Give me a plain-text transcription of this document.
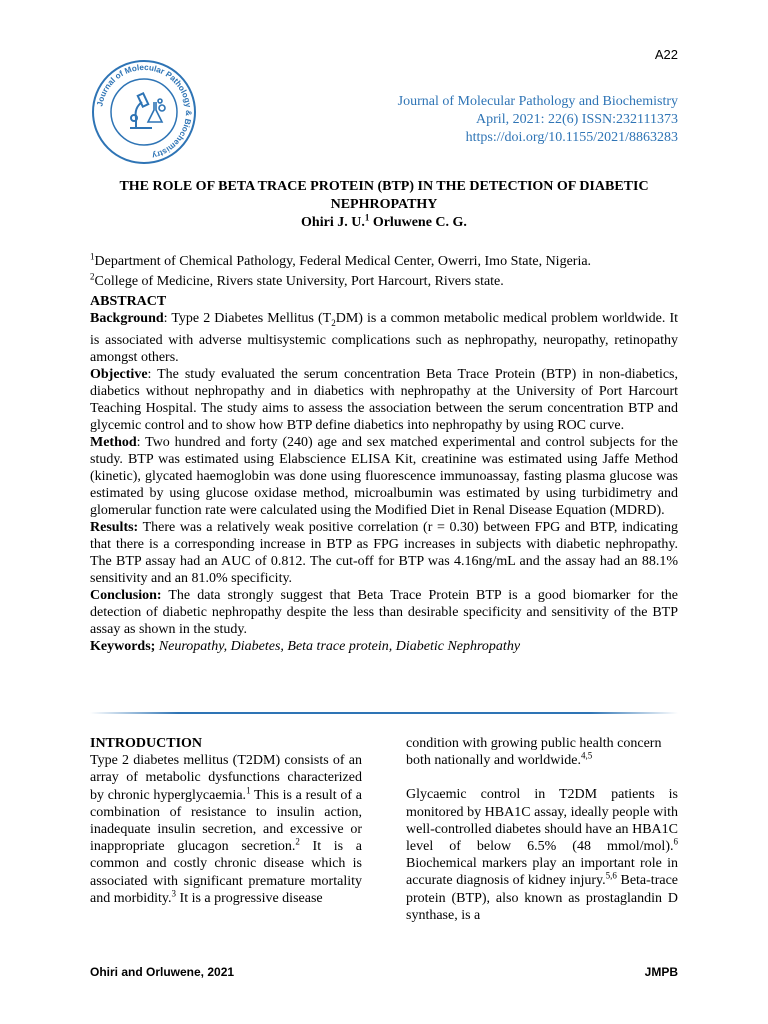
A22
Journal of Molecular Pathology & Biochemistry
Journal of Molecular Pathology and Biochemistry
April, 2021: 22(6) ISSN:232111373
https://doi.org/10.1155/2021/8863283
THE ROLE OF BETA TRACE PROTEIN (BTP) IN THE DETECTION OF DIABETIC
NEPHROPATHY
Ohiri J. U.$^1$ Orluwene C. G.
$^1$Department of Chemical Pathology, Federal Medical Center, Owerri, Imo State, Nigeria.
$^2$College of Medicine, Rivers state University, Port Harcourt, Rivers state.

ABSTRACT

Background: Type 2 Diabetes Mellitus $(T_2DM)$ is a common metabolic medical problem worldwide. It is associated with adverse multisystemic complications such as nephropathy, neuropathy, retinopathy amongst others.

Objective: The study evaluated the serum concentration Beta Trace Protein (BTP) in non-diabetics, diabetics without nephropathy and in diabetics with nephropathy at the University of Port Harcourt Teaching Hospital. The study aims to assess the association between the serum concentration BTP and glycemic control and to show how BTP define diabetics into nephropathy by using ROC curve.

Method: Two hundred and forty (240) age and sex matched experimental and control subjects for the study. BTP was estimated using Elabscience ELISA Kit, creatinine was estimated using Jaffe Method (kinetic), glycated haemoglobin was done using fluorescence immunoassay, fasting plasma glucose was estimated by using glucose oxidase method, microalbumin was estimated by using turbidimetry and glomerular function rate were calculated using the Modified Diet in Renal Disease Equation (MDRD).

Results: There was a relatively weak positive correlation (r = 0.30) between FPG and BTP, indicating that there is a corresponding increase in BTP as FPG increases in subjects with diabetic nephropathy. The BTP assay had an AUC of 0.812. The cut-off for BTP was 4.16ng/mL and the assay had an 88.1% sensitivity and an 81.0% specificity.

Conclusion: The data strongly suggest that Beta Trace Protein BTP is a good biomarker for the detection of diabetic nephropathy despite the less than desirable specificity and sensitivity of the BTP assay as shown in the study.

Keywords; Neuropathy, Diabetes, Beta trace protein, Diabetic Nephropathy

INTRODUCTION

Type 2 diabetes mellitus (T2DM) consists of an array of metabolic dysfunctions characterized by chronic hyperglycaemia.$^1$ This is a result of a combination of resistance to insulin action, inadequate insulin secretion, and excessive or inappropriate glucagon secretion.$^2$ It is a common and costly chronic disease which is associated with significant premature mortality and morbidity.$^3$ It is a progressive disease

condition with growing public health concern both nationally and worldwide.$^{4,5}$

Glycaemic control in T2DM patients is monitored by HBA1C assay, ideally people with well-controlled diabetes should have an HBA1C level of below 6.5% (48 mmol/mol).$^6$ Biochemical markers play an important role in accurate diagnosis of kidney injury.$^{5,6}$ Beta-trace protein (BTP), also known as prostaglandin D synthase, is a

Ohiri and Orluwene, 2021	JMPB
